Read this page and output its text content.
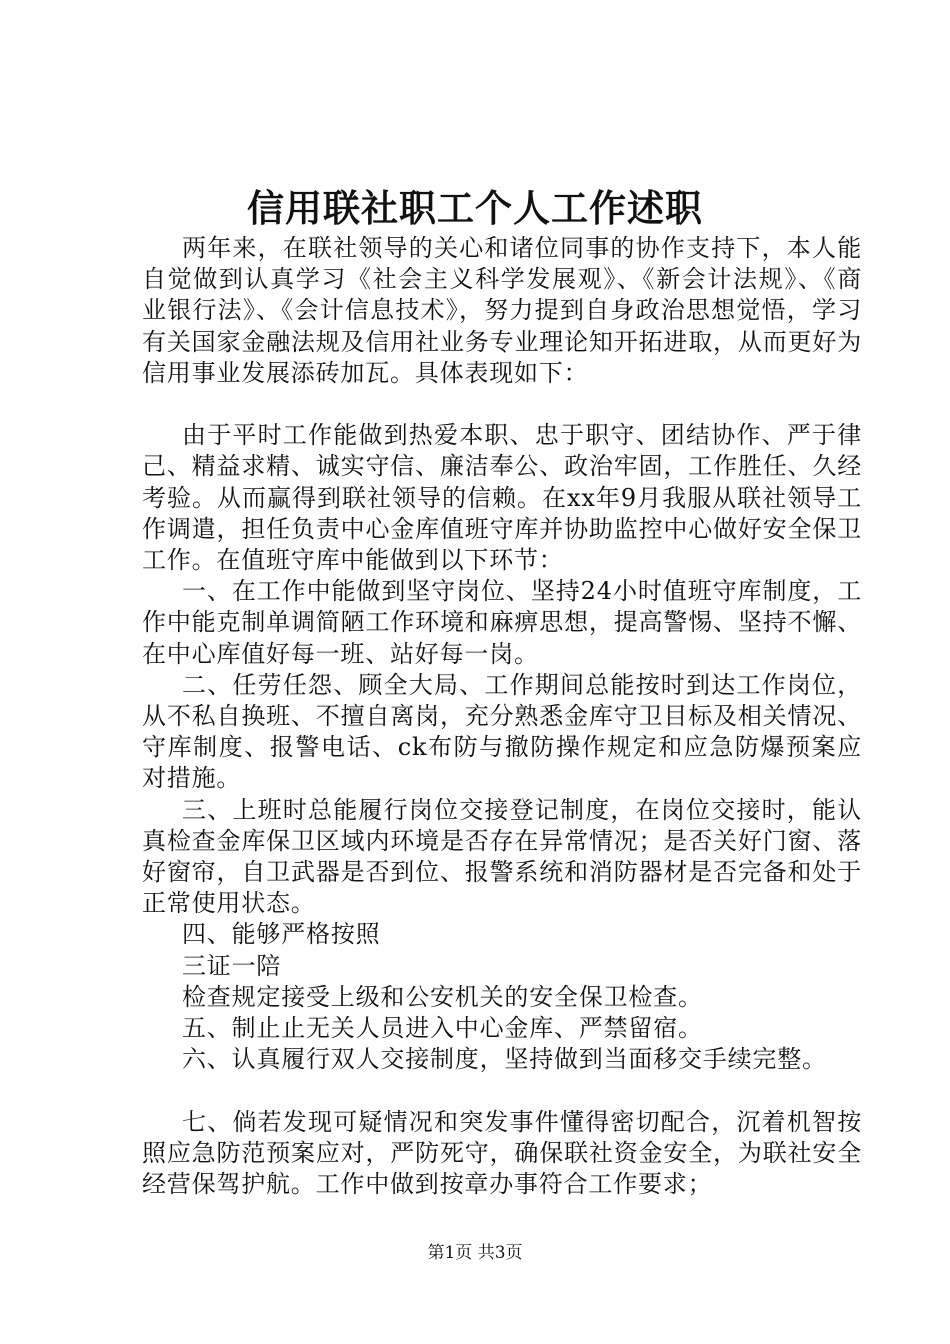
信用联社职工个人工作述职

两年来，在联社领导的关心和诸位同事的协作支持下，本人能自觉做到认真学习《社会主义科学发展观》、《新会计法规》、《商业银行法》、《会计信息技术》，努力提到自身政治思想觉悟，学习有关国家金融法规及信用社业务专业理论知开拓进取，从而更好为信用事业发展添砖加瓦。具体表现如下：

由于平时工作能做到热爱本职、忠于职守、团结协作、严于律己、精益求精、诚实守信、廉洁奉公、政治牢固，工作胜任、久经考验。从而赢得到联社领导的信赖。在xx年9月我服从联社领导工作调遣，担任负责中心金库值班守库并协助监控中心做好安全保卫工作。在值班守库中能做到以下环节：

一、在工作中能做到坚守岗位、坚持24小时值班守库制度，工作中能克制单调简陋工作环境和麻痹思想，提高警惕、坚持不懈、在中心库值好每一班、站好每一岗。

二、任劳任怨、顾全大局、工作期间总能按时到达工作岗位，从不私自换班、不擅自离岗，充分熟悉金库守卫目标及相关情况、守库制度、报警电话、ck布防与撤防操作规定和应急防爆预案应对措施。

三、上班时总能履行岗位交接登记制度，在岗位交接时，能认真检查金库保卫区域内环境是否存在异常情况；是否关好门窗、落好窗帘，自卫武器是否到位、报警系统和消防器材是否完备和处于正常使用状态。

四、能够严格按照

三证一陪

检查规定接受上级和公安机关的安全保卫检查。

五、制止止无关人员进入中心金库、严禁留宿。

六、认真履行双人交接制度，坚持做到当面移交手续完整。

七、倘若发现可疑情况和突发事件懂得密切配合，沉着机智按照应急防范预案应对，严防死守，确保联社资金安全，为联社安全经营保驾护航。工作中做到按章办事符合工作要求；

第1页 共3页
